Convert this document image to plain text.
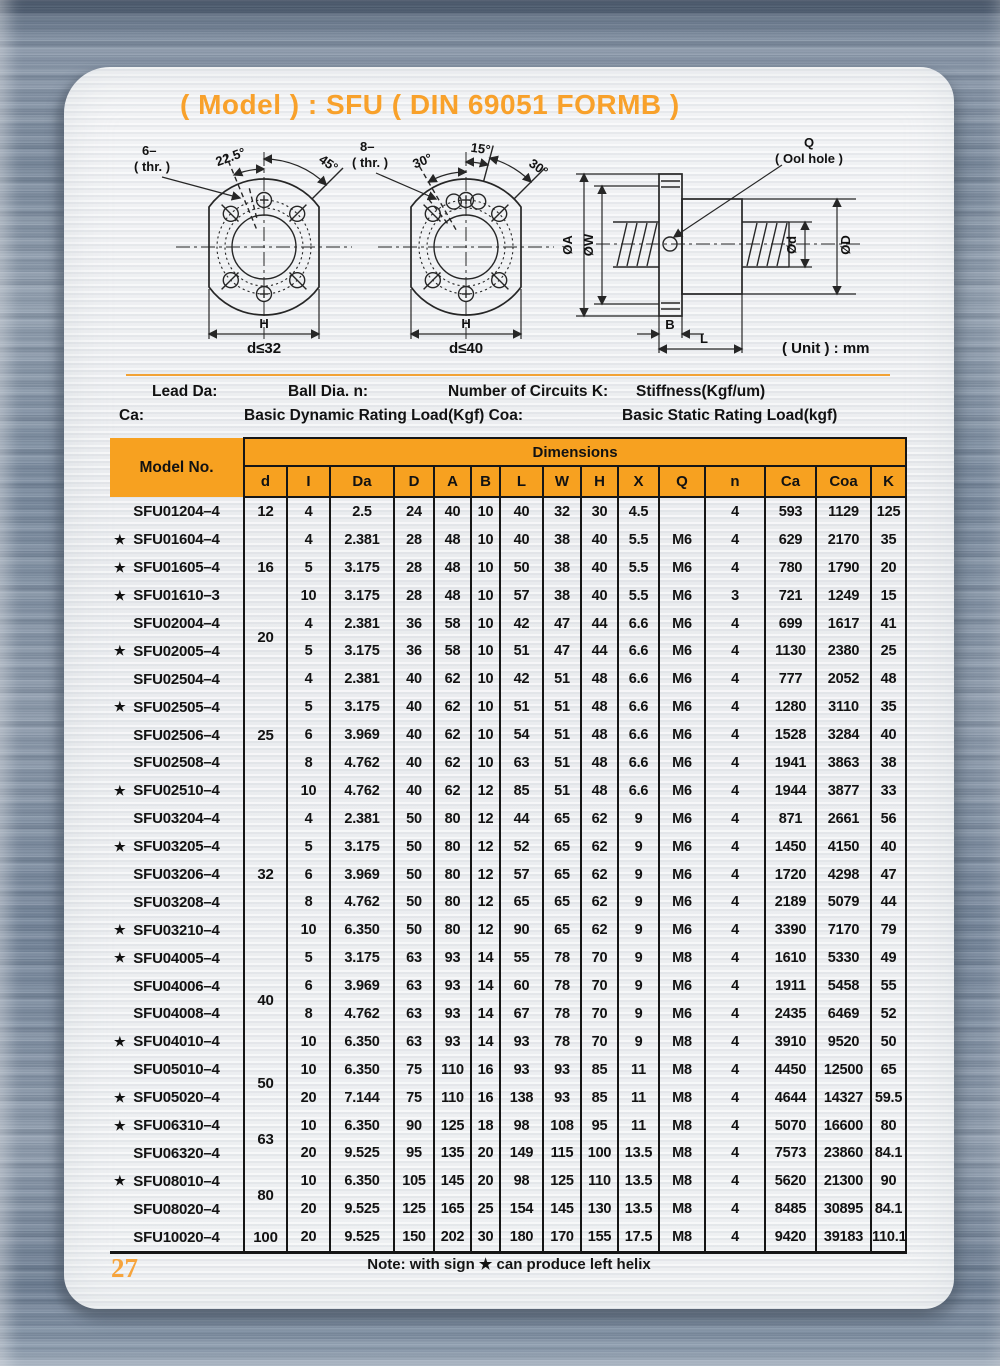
( Model ) : SFU ( DIN 69051 FORMB )
22.5°	45°
H
d≤32
6–
( thr. )	30°
15°
30°
H
d≤40
8–
( thr. )
Q
( Ool hole )
ØA ØW	Ød	ØD
B
L
( Unit ) : mm
Lead Da:	Ball Dia. n:	Number of Circuits K: Stiffness(Kgf/um)
Ca:	Basic Dynamic Rating Load(Kgf) Coa:	Basic Static Rating Load(kgf)
Model No.	Dimensions														
	d	I	Da	D	A	B	L	W	H	X	Q	n	Ca	Coa	K
SFU01204–4	12	4	2.5	24	40	10	40	32	30	4.5		4	593	1129	125

★ SFU01604–4	16	4	2.381	28	48	10	40	38	40	5.5	M6	4	629	2170	35

★ SFU01605–4		5	3.175	28	48	10	50	38	40	5.5	M6	4	780	1790	20

★ SFU01610–3		10	3.175	28	48	10	57	38	40	5.5	M6	3	721	1249	15
SFU02004–4	20	4	2.381	36	58	10	42	47	44	6.6	M6	4	699	1617	41

★ SFU02005–4		5	3.175	36	58	10	51	47	44	6.6	M6	4	1130	2380	25
SFU02504–4	25	4	2.381	40	62	10	42	51	48	6.6	M6	4	777	2052	48

★ SFU02505–4		5	3.175	40	62	10	51	51	48	6.6	M6	4	1280	3110	35
SFU02506–4		6	3.969	40	62	10	54	51	48	6.6	M6	4	1528	3284	40
SFU02508–4		8	4.762	40	62	10	63	51	48	6.6	M6	4	1941	3863	38

★ SFU02510–4		10	4.762	40	62	12	85	51	48	6.6	M6	4	1944	3877	33
SFU03204–4	32	4	2.381	50	80	12	44	65	62	9	M6	4	871	2661	56

★ SFU03205–4		5	3.175	50	80	12	52	65	62	9	M6	4	1450	4150	40
SFU03206–4		6	3.969	50	80	12	57	65	62	9	M6	4	1720	4298	47
SFU03208–4		8	4.762	50	80	12	65	65	62	9	M6	4	2189	5079	44

★ SFU03210–4		10	6.350	50	80	12	90	65	62	9	M6	4	3390	7170	79

★ SFU04005–4	40	5	3.175	63	93	14	55	78	70	9	M8	4	1610	5330	49
SFU04006–4		6	3.969	63	93	14	60	78	70	9	M6	4	1911	5458	55
SFU04008–4		8	4.762	63	93	14	67	78	70	9	M6	4	2435	6469	52

★ SFU04010–4		10	6.350	63	93	14	93	78	70	9	M8	4	3910	9520	50
SFU05010–4	50	10	6.350	75	110	16	93	93	85	11	M8	4	4450	12500	65

★ SFU05020–4		20	7.144	75	110	16	138	93	85	11	M8	4	4644	14327	59.5

★ SFU06310–4	63	10	6.350	90	125	18	98	108	95	11	M8	4	5070	16600	80
SFU06320–4		20	9.525	95	135	20	149	115	100	13.5	M8	4	7573	23860	84.1

★ SFU08010–4	80	10	6.350	105	145	20	98	125	110	13.5	M8	4	5620	21300	90
SFU08020–4		20	9.525	125	165	25	154	145	130	13.5	M8	4	8485	30895	84.1
SFU10020–4	100	20	9.525	150	202	30	180	170	155	17.5	M8	4	9420	39183	110.1
Note: with sign ★ can produce left helix
27
